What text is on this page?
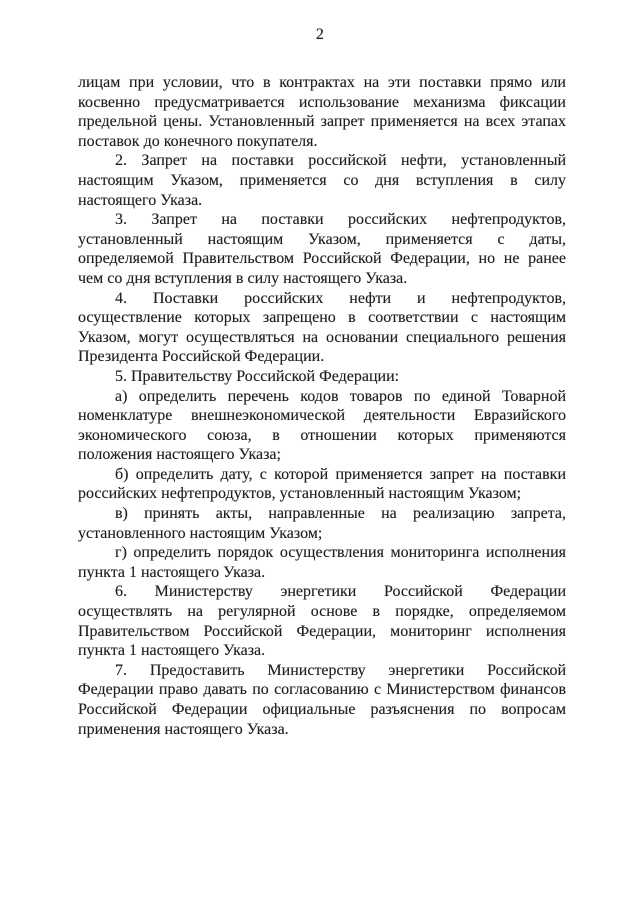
2

лицам при условии, что в контрактах на эти поставки прямо или
косвенно предусматривается использование механизма фиксации
предельной цены. Установленный запрет применяется на всех этапах
поставок до конечного покупателя.

2. Запрет на поставки российской нефти, установленный
настоящим Указом, применяется со дня вступления в силу
настоящего Указа.

3. Запрет на поставки российских нефтепродуктов,
установленный настоящим Указом, применяется с даты,
определяемой Правительством Российской Федерации, но не ранее
чем со дня вступления в силу настоящего Указа.

4. Поставки российских нефти и нефтепродуктов,
осуществление которых запрещено в соответствии с настоящим
Указом, могут осуществляться на основании специального решения
Президента Российской Федерации.

5. Правительству Российской Федерации:

а) определить перечень кодов товаров по единой Товарной
номенклатуре внешнеэкономической деятельности Евразийского
экономического союза, в отношении которых применяются
положения настоящего Указа;

б) определить дату, с которой применяется запрет на поставки
российских нефтепродуктов, установленный настоящим Указом;

в) принять акты, направленные на реализацию запрета,
установленного настоящим Указом;

г) определить порядок осуществления мониторинга исполнения
пункта 1 настоящего Указа.

6. Министерству энергетики Российской Федерации
осуществлять на регулярной основе в порядке, определяемом
Правительством Российской Федерации, мониторинг исполнения
пункта 1 настоящего Указа.

7. Предоставить Министерству энергетики Российской
Федерации право давать по согласованию с Министерством финансов
Российской Федерации официальные разъяснения по вопросам
применения настоящего Указа.
